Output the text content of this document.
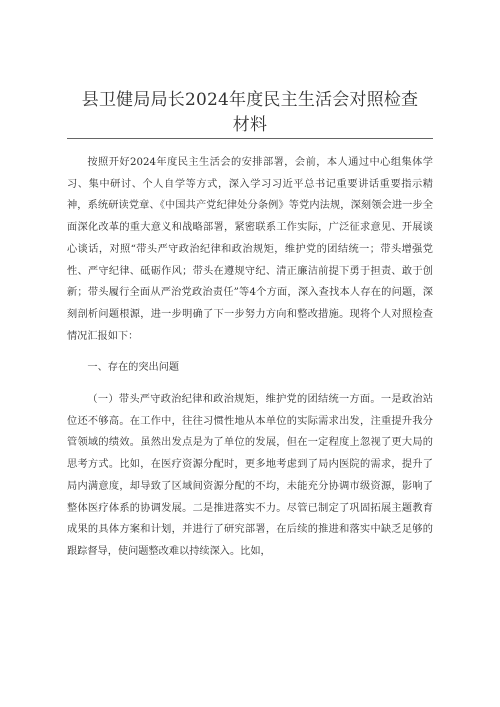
县卫健局局长2024年度民主生活会对照检查
材料

按照开好2024年度民主生活会的安排部署，会前，本人通过中心组集体学习、集中研讨、个人自学等方式，深入学习习近平总书记重要讲话重要指示精神，系统研读党章、《中国共产党纪律处分条例》等党内法规，深刻领会进一步全面深化改革的重大意义和战略部署，紧密联系工作实际，广泛征求意见、开展谈心谈话，对照“带头严守政治纪律和政治规矩，维护党的团结统一；带头增强党性、严守纪律、砥砺作风；带头在遵规守纪、清正廉洁前提下勇于担责、敢于创新；带头履行全面从严治党政治责任”等4个方面，深入查找本人存在的问题，深刻剖析问题根源，进一步明确了下一步努力方向和整改措施。现将个人对照检查情况汇报如下：

一、存在的突出问题

（一）带头严守政治纪律和政治规矩，维护党的团结统一方面。一是政治站位还不够高。在工作中，往往习惯性地从本单位的实际需求出发，注重提升我分管领域的绩效。虽然出发点是为了单位的发展，但在一定程度上忽视了更大局的思考方式。比如，在医疗资源分配时，更多地考虑到了局内医院的需求，提升了局内满意度，却导致了区域间资源分配的不均，未能充分协调市级资源，影响了整体医疗体系的协调发展。二是推进落实不力。尽管已制定了巩固拓展主题教育成果的具体方案和计划，并进行了研究部署，在后续的推进和落实中缺乏足够的跟踪督导，使问题整改难以持续深入。比如，
